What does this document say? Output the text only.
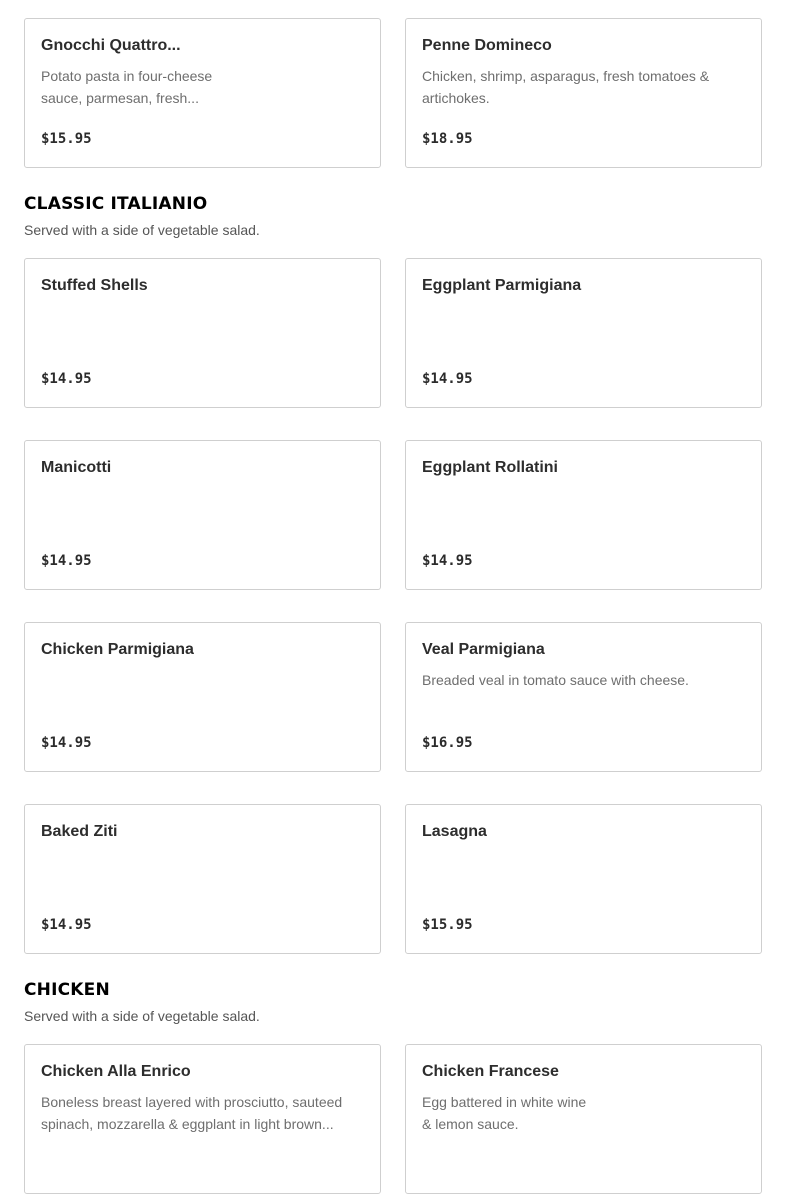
Gnocchi Quattro...
Potato pasta in four-cheese sauce, parmesan, fresh...
$15.95
Penne Domineco
Chicken, shrimp, asparagus, fresh tomatoes & artichokes.
$18.95
CLASSIC ITALIANIO
Served with a side of vegetable salad.
Stuffed Shells
$14.95
Eggplant Parmigiana
$14.95
Manicotti
$14.95
Eggplant Rollatini
$14.95
Chicken Parmigiana
$14.95
Veal Parmigiana
Breaded veal in tomato sauce with cheese.
$16.95
Baked Ziti
$14.95
Lasagna
$15.95
CHICKEN
Served with a side of vegetable salad.
Chicken Alla Enrico
Boneless breast layered with prosciutto, sauteed spinach, mozzarella & eggplant in light brown...
Chicken Francese
Egg battered in white wine & lemon sauce.
